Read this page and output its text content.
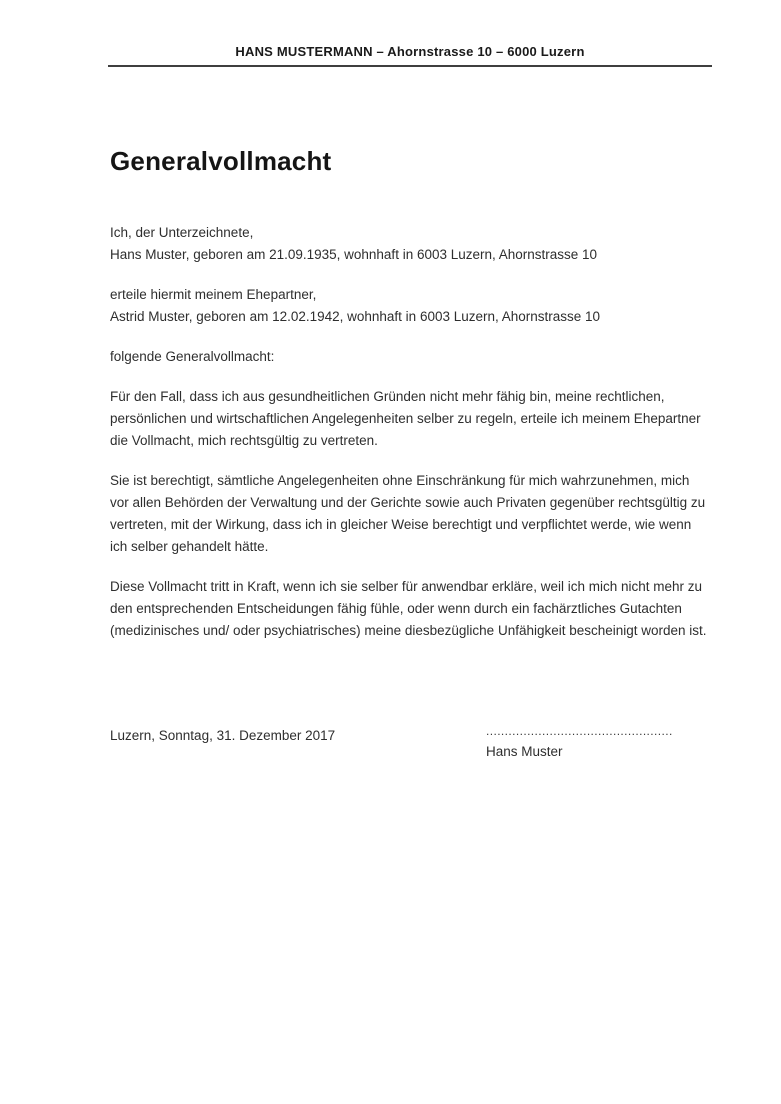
HANS MUSTERMANN – Ahornstrasse 10 – 6000 Luzern
Generalvollmacht
Ich, der Unterzeichnete,
Hans Muster, geboren am 21.09.1935, wohnhaft in 6003 Luzern, Ahornstrasse 10
erteile hiermit meinem Ehepartner,
Astrid Muster, geboren am 12.02.1942, wohnhaft in 6003 Luzern, Ahornstrasse 10
folgende Generalvollmacht:
Für den Fall, dass ich aus gesundheitlichen Gründen nicht mehr fähig bin, meine rechtlichen, persönlichen und wirtschaftlichen Angelegenheiten selber zu regeln, erteile ich meinem Ehepartner die Vollmacht, mich rechtsgültig zu vertreten.
Sie ist berechtigt, sämtliche Angelegenheiten ohne Einschränkung für mich wahrzunehmen, mich vor allen Behörden der Verwaltung und der Gerichte sowie auch Privaten gegenüber rechtsgültig zu vertreten, mit der Wirkung, dass ich in gleicher Weise berechtigt und verpflichtet werde, wie wenn ich selber gehandelt hätte.
Diese Vollmacht tritt in Kraft, wenn ich sie selber für anwendbar erkläre, weil ich mich nicht mehr zu den entsprechenden Entscheidungen fähig fühle, oder wenn durch ein fachärztliches Gutachten (medizinisches und/ oder psychiatrisches) meine diesbezügliche Unfähigkeit bescheinigt worden ist.
Luzern, Sonntag, 31. Dezember 2017	..................................................
Hans Muster
